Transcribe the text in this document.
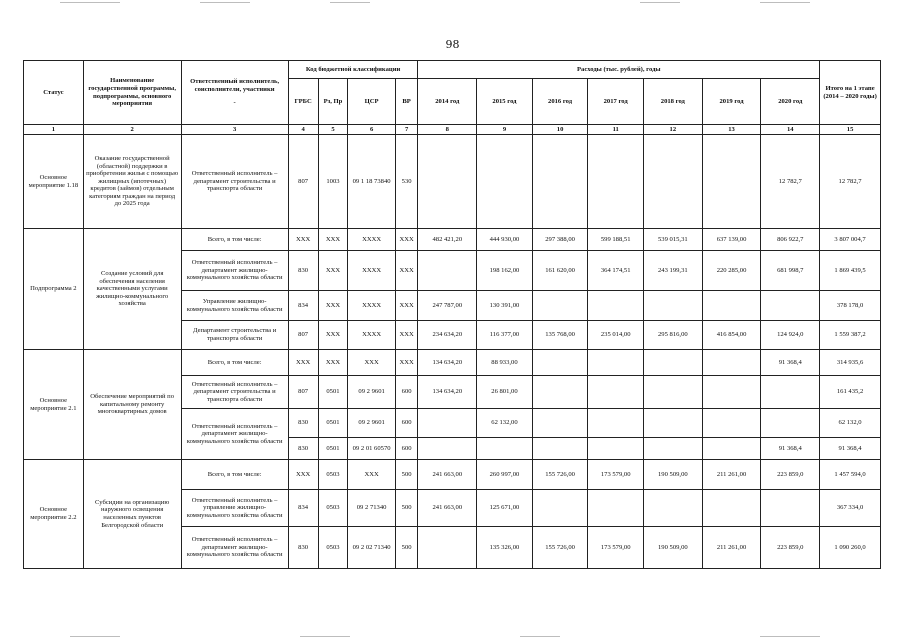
98
Статус	Наименование государственной программы, подпрограммы, основного мероприятия	Ответственный исполнитель, соисполнители, участники
-	Код бюджетной классификации				Расходы (тыс. рублей), годы							Итого на 1 этапе (2014 – 2020 годы)
			ГРБС	Рз, Пр	ЦСР	ВР	2014 год	2015 год	2016 год	2017 год	2018 год	2019 год	2020 год	
1	2	3	4	5	6	7	8	9	10	11	12	13	14	15
Основное мероприятие 1.18	Оказание государственной (областной) поддержки в приобретении жилья с помощью жилищных (ипотечных) кредитов (займов) отдельным категориям граждан на период до 2025 года	Ответственный исполнитель – департамент строительства и транспорта области	807	1003	09 1 18 73840	530							12 782,7	12 782,7
Подпрограмма 2	Создание условий для обеспечения населения качественными услугами жилищно-коммунального хозяйства	Всего, в том числе:	ХХХ	ХХХ	ХХХХ	ХХХ	482 421,20	444 930,00	297 388,00	599 188,51	539 015,31	637 139,00	806 922,7	3 807 004,7
		Ответственный исполнитель – департамент жилищно-коммунального хозяйства области	830	ХХХ	ХХХХ	ХХХ		198 162,00	161 620,00	364 174,51	243 199,31	220 285,00	681 998,7	1 869 439,5
		Управление жилищно-коммунального хозяйства области	834	ХХХ	ХХХХ	ХХХ	247 787,00	130 391,00						378 178,0
		Департамент строительства и транспорта области	807	ХХХ	ХХХХ	ХХХ	234 634,20	116 377,00	135 768,00	235 014,00	295 816,00	416 854,00	124 924,0	1 559 387,2
Основное мероприятие 2.1	Обеспечение мероприятий по капитальному ремонту многоквартирных домов	Всего, в том числе:	ХХХ	ХХХ	ХХХ	ХХХ	134 634,20	88 933,00					91 368,4	314 935,6
		Ответственный исполнитель – департамент строительства и транспорта области	807	0501	09 2 9601	600	134 634,20	26 801,00						161 435,2
		Ответственный исполнитель – департамент жилищно-коммунального хозяйства области	830	0501	09 2 9601	600		62 132,00						62 132,0
			830	0501	09 2 01 60570	600							91 368,4	91 368,4
Основное мероприятие 2.2	Субсидии на организацию наружного освещения населенных пунктов Белгородской области	Всего, в том числе:	ХХХ	0503	ХХХ	500	241 663,00	260 997,00	155 726,00	173 579,00	190 509,00	211 261,00	223 859,0	1 457 594,0
		Ответственный исполнитель – управление жилищно-коммунального хозяйства области	834	0503	09 2 71340	500	241 663,00	125 671,00						367 334,0
		Ответственный исполнитель – департамент жилищно-коммунального хозяйства области	830	0503	09 2 02 71340	500		135 326,00	155 726,00	173 579,00	190 509,00	211 261,00	223 859,0	1 090 260,0
